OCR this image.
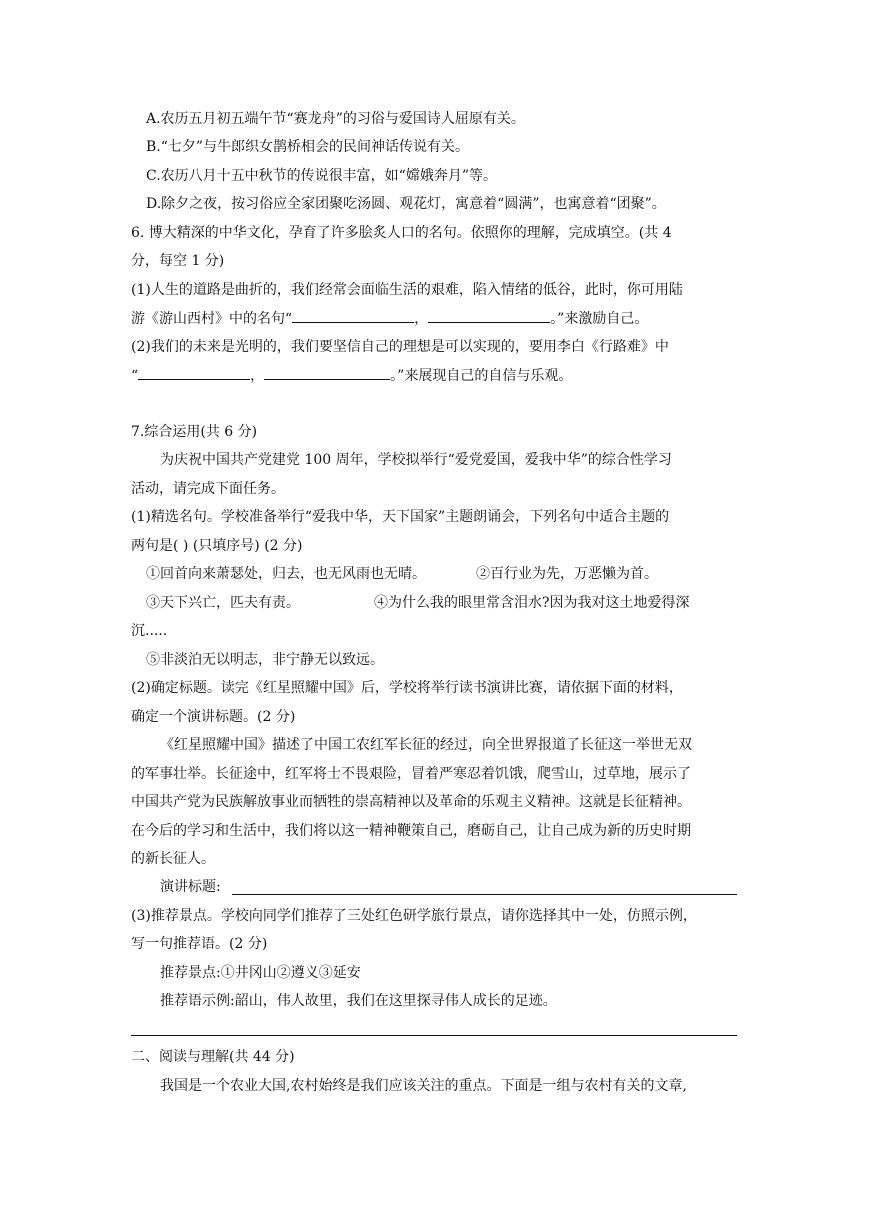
A.农历五月初五端午节“赛龙舟”的习俗与爱国诗人屈原有关。
B.“七夕”与牛郎织女鹊桥相会的民间神话传说有关。
C.农历八月十五中秋节的传说很丰富，如“嫦娥奔月”等。
D.除夕之夜，按习俗应全家团聚吃汤圆、观花灯，寓意着“圆满”，也寓意着“团聚”。
6. 博大精深的中华文化，孕育了许多脍炙人口的名句。依照你的理解，完成填空。(共 4
分，每空 1 分)
(1)人生的道路是曲折的，我们经常会面临生活的艰难，陷入情绪的低谷，此时，你可用陆
游《游山西村》中的名句“	，	。”来激励自己。
(2)我们的未来是光明的，我们要坚信自己的理想是可以实现的，要用李白《行路难》中
“	，	。”来展现自己的自信与乐观。
7.综合运用(共 6 分)
为庆祝中国共产党建党 100 周年，学校拟举行“爱党爱国，爱我中华”的综合性学习
活动，请完成下面任务。
(1)精选名句。学校准备举行“爱我中华，天下国家”主题朗诵会，下列名句中适合主题的
两句是( ) (只填序号) (2 分)
①回首向来萧瑟处，归去，也无风雨也无晴。	②百行业为先，万恶懒为首。
③天下兴亡，匹夫有责。	④为什么我的眼里常含泪水?因为我对这土地爱得深
沉.....
⑤非淡泊无以明志，非宁静无以致远。
(2)确定标题。读完《红星照耀中国》后，学校将举行读书演讲比赛，请依据下面的材料，
确定一个演讲标题。(2 分)
《红星照耀中国》描述了中国工农红军长征的经过，向全世界报道了长征这一举世无双
的军事壮举。长征途中，红军将士不畏艰险，冒着严寒忍着饥饿，爬雪山，过草地，展示了
中国共产党为民族解放事业而牺牲的崇高精神以及革命的乐观主义精神。这就是长征精神。
在今后的学习和生活中，我们将以这一精神鞭策自己，磨砺自己，让自己成为新的历史时期
的新长征人。
演讲标题:
(3)推荐景点。学校向同学们推荐了三处红色研学旅行景点，请你选择其中一处，仿照示例，
写一句推荐语。(2 分)
推荐景点:①井冈山②遵义③延安
推荐语示例:韶山，伟人故里，我们在这里探寻伟人成长的足迹。
二、阅读与理解(共 44 分)
我国是一个农业大国,农村始终是我们应该关注的重点。下面是一组与农村有关的文章,
